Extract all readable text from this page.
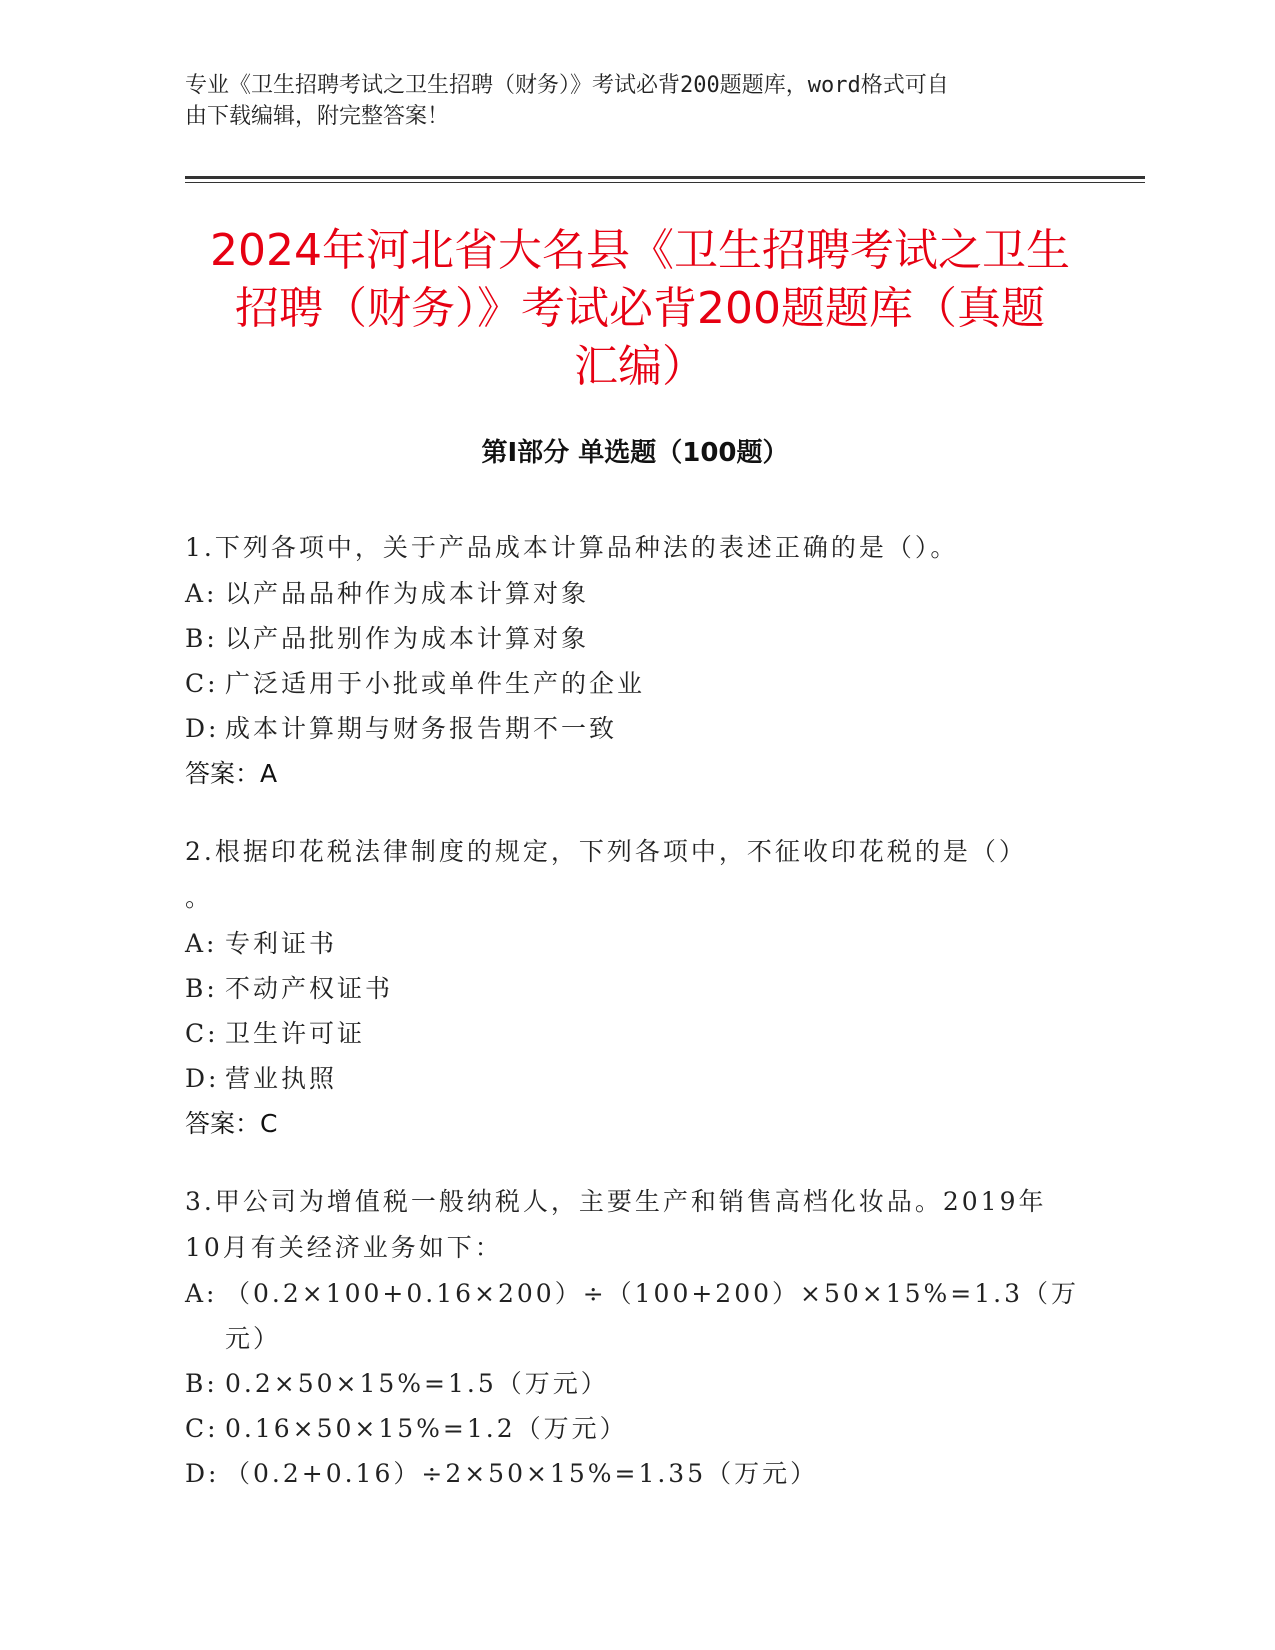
专业《卫生招聘考试之卫生招聘（财务）》考试必背200题题库，word格式可自
由下载编辑，附完整答案！
2024年河北省大名县《卫生招聘考试之卫生
招聘（财务）》考试必背200题题库（真题
汇编）
第Ⅰ部分 单选题（100题）
1.下列各项中，关于产品成本计算品种法的表述正确的是（）。
A: 以产品品种作为成本计算对象
B: 以产品批别作为成本计算对象
C: 广泛适用于小批或单件生产的企业
D: 成本计算期与财务报告期不一致
答案：A
2.根据印花税法律制度的规定，下列各项中，不征收印花税的是（）
。
A: 专利证书
B: 不动产权证书
C: 卫生许可证
D: 营业执照
答案：C
3.甲公司为增值税一般纳税人，主要生产和销售高档化妆品。2019年
10月有关经济业务如下：
A: （0.2×100+0.16×200）÷（100+200）×50×15%=1.3（万元）
B: 0.2×50×15%=1.5（万元）
C: 0.16×50×15%=1.2（万元）
D: （0.2+0.16）÷2×50×15%=1.35（万元）
